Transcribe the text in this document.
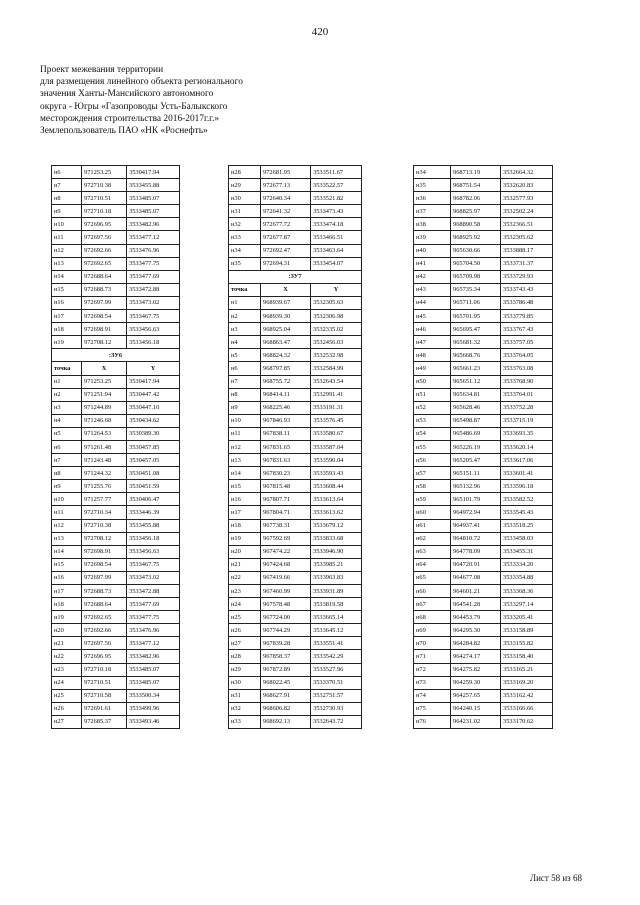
420
Проект межевания территории
для размещения линейного объекта регионального
значения Ханты-Мансийского автономного
округа - Югры «Газопроводы Усть-Балыкского
месторождения строительства 2016-2017г.г.»
Землепользователь ПАО «НК «Роснефть»
н6	971253.25	3530417.94
н7	972710.38	3533455.88
н8	972710.51	3533485.07
н9	972710.18	3533485.07
н10	972696.95	3533482.96
н11	972697.56	3533477.12
н12	972692.66	3533476.96
н13	972692.65	3533477.75
н14	972688.64	3533477.69
н15	972688.73	3533472.88
н16	972697.99	3533473.02
н17	972698.54	3533467.75
н18	972698.91	3533456.63
н19	972708.12	3533456.18
:ЗУ6		
точка	X	Y
н1	971253.25	3530417.94
н2	971251.94	3530447.42
н3	971244.89	3530447.10
н4	971246.68	3530434.62
н5	971264.53	3530389.30
н6	971261.48	3530457.85
н7	971243.48	3530457.05
н8	971244.32	3530451.08
н9	971255.76	3530451.59
н10	971257.77	3530406.47
н11	972710.34	3533446.39
н12	972710.38	3533455.88
н13	972708.12	3533456.18
н14	972698.91	3533456.63
н15	972698.54	3533467.75
н16	972697.99	3533473.02
н17	972688.73	3533472.88
н18	972688.64	3533477.69
н19	972692.65	3533477.75
н20	972692.66	3533476.96
н21	972697.56	3533477.12
н22	972696.95	3533482.96
н23	972710.18	3533485.07
н24	972710.51	3533485.07
н25	972710.58	3533500.34
н26	972691.61	3533499.96
н27	972685.37	3533493.46
н28	972681.95	3533511.67
н29	972677.13	3533522.57
н30	972640.34	3533521.82
н31	972641.32	3533473.43
н32	972677.72	3533474.18
н33	972677.87	3533466.51
н34	972692.47	3533463.64
н35	972694.31	3533454.07
:ЗУ7		
точка	X	Y
н1	968939.67	3532305.63
н2	968939.30	3532306.98
н3	968925.04	3532335.02
н4	968863.47	3532456.03
н5	968824.32	3532532.98
н6	968797.85	3532584.99
н7	968755.72	3532643.54
н8	968414.11	3532991.41
н9	968225.46	3533191.31
н10	967846.93	3533576.45
н11	967838.11	3533580.67
н12	967831.65	3533587.04
н13	967831.63	3533590.04
н14	967830.23	3533593.43
н15	967815.48	3533608.44
н16	967807.71	3533613.64
н17	967804.71	3533613.62
н18	967738.31	3533679.12
н19	967592.69	3533833.68
н20	967474.22	3533946.90
н21	967424.68	3533985.21
н22	967419.66	3533963.83
н23	967460.99	3533931.89
н24	967578.48	3533819.58
н25	967724.00	3533665.14
н26	967744.29	3533645.12
н27	967839.28	3533551.41
н28	967858.37	3533542.29
н29	967872.89	3533527.96
н30	968022.45	3533370.51
н31	968627.91	3532751.57
н32	968606.82	3532730.93
н33	968692.13	3532643.72
н34	968713.19	3532664.32
н35	968751.54	3532620.83
н36	968782.06	3532577.93
н37	968825.97	3532502.24
н38	968890.58	3532366.51
н39	968925.92	3532305.62
н40	965630.66	3533888.17
н41	965704.50	3533731.37
н42	965709.98	3533729.93
н43	965735.34	3533743.43
н44	965711.06	3533786.48
н45	965701.95	3533779.85
н46	965695.47	3533767.43
н47	965681.32	3533757.05
н48	965668.76	3533764.05
н49	965661.23	3533763.08
н50	965651.12	3533768.90
н51	965634.81	3533764.01
н52	965628.46	3533752.28
н53	965498.87	3533715.19
н54	965486.69	3533693.35
н55	965226.19	3533620.14
н56	965205.47	3533617.06
н57	965151.11	3533601.41
н58	965132.96	3533596.18
н59	965101.79	3533582.52
н60	964972.94	3533545.43
н61	964937.41	3533518.25
н62	964810.72	3533458.03
н63	964778.09	3533455.31
н64	964720.91	3533334.20
н65	964677.08	3533354.88
н66	964601.21	3533368.36
н67	964541.28	3533297.14
н68	964453.79	3533205.41
н69	964295.30	3533158.89
н70	964284.82	3533155.82
н71	964274.17	3533158.40
н72	964275.82	3533165.21
н73	964259.30	3533169.20
н74	964257.65	3533162.42
н75	964240.15	3533166.66
н76	964231.02	3533170.62
Лист 58 из 68
